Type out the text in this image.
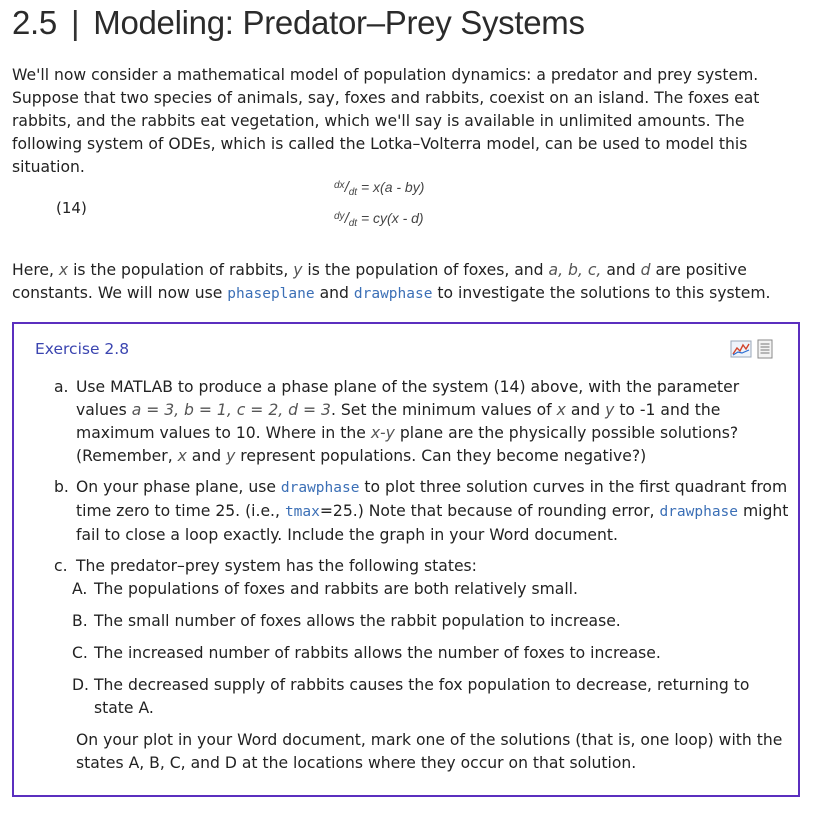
2.5 | Modeling: Predator–Prey Systems
We'll now consider a mathematical model of population dynamics: a predator and prey system. Suppose that two species of animals, say, foxes and rabbits, coexist on an island. The foxes eat rabbits, and the rabbits eat vegetation, which we'll say is available in unlimited amounts. The following system of ODEs, which is called the Lotka–Volterra model, can be used to model this situation.
(14)
$^{dx}/_{dt} = x(a - by)$
$^{dy}/_{dt} = cy(x - d)$
Here, x is the population of rabbits, y is the population of foxes, and a, b, c, and d are positive constants. We will now use phaseplane and drawphase to investigate the solutions to this system.
Exercise 2.8
a. Use MATLAB to produce a phase plane of the system (14) above, with the parameter values a = 3, b = 1, c = 2, d = 3. Set the minimum values of x and y to -1 and the maximum values to 10. Where in the x-y plane are the physically possible solutions? (Remember, x and y represent populations. Can they become negative?)
b. On your phase plane, use drawphase to plot three solution curves in the first quadrant from time zero to time 25. (i.e., tmax=25.) Note that because of rounding error, drawphase might fail to close a loop exactly. Include the graph in your Word document.
c. The predator–prey system has the following states:
A. The populations of foxes and rabbits are both relatively small.
B. The small number of foxes allows the rabbit population to increase.
C. The increased number of rabbits allows the number of foxes to increase.
D. The decreased supply of rabbits causes the fox population to decrease, returning to state A.
On your plot in your Word document, mark one of the solutions (that is, one loop) with the states A, B, C, and D at the locations where they occur on that solution.
